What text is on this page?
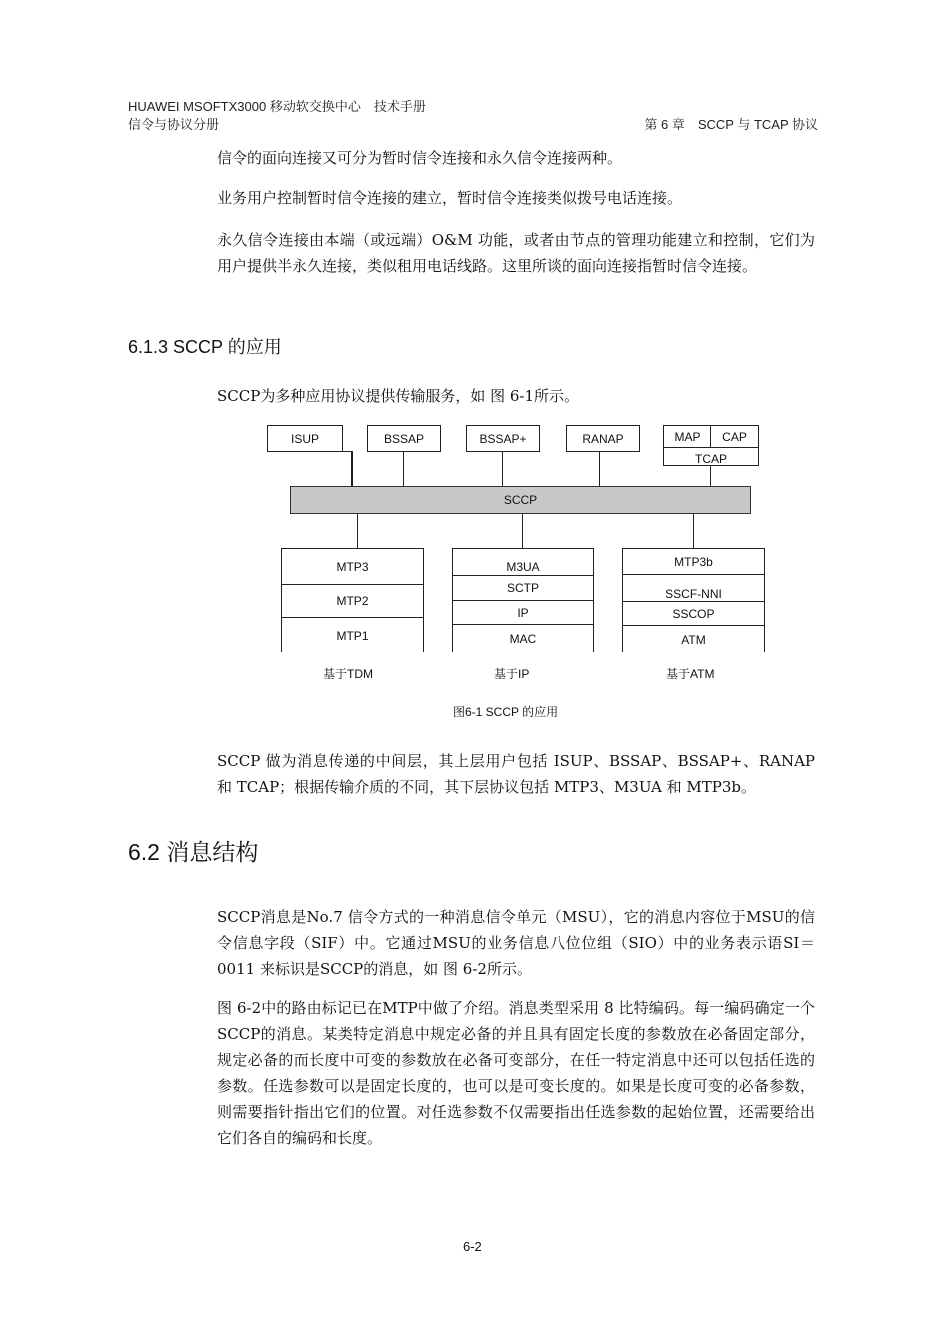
HUAWEI MSOFTX3000 移动软交换中心　技术手册
信令与协议分册	第 6 章　SCCP 与 TCAP 协议

信令的面向连接又可分为暂时信令连接和永久信令连接两种。

业务用户控制暂时信令连接的建立，暂时信令连接类似拨号电话连接。

永久信令连接由本端（或远端）O&M 功能，或者由节点的管理功能建立和控制，它们为用户提供半永久连接，类似租用电话线路。这里所谈的面向连接指暂时信令连接。

6.1.3 SCCP 的应用

SCCP为多种应用协议提供传输服务，如 图 6-1所示。

ISUP	BSSAP	BSSAP+	RANAP	MAP	CAP
TCAP
SCCP
MTP3
MTP2
MTP1
M3UA
SCTP
IP
MAC
MTP3b
SSCF-NNI
SSCOP
ATM
基于TDM	基于IP	基于ATM
图6-1 SCCP 的应用

SCCP 做为消息传递的中间层，其上层用户包括 ISUP、BSSAP、BSSAP+、RANAP 和 TCAP；根据传输介质的不同，其下层协议包括 MTP3、M3UA 和 MTP3b。

6.2 消息结构

SCCP消息是No.7 信令方式的一种消息信令单元（MSU），它的消息内容位于MSU的信令信息字段（SIF）中。它通过MSU的业务信息八位位组（SIO）中的业务表示语SI＝0011 来标识是SCCP的消息，如 图 6-2所示。

图 6-2中的路由标记已在MTP中做了介绍。消息类型采用 8 比特编码。每一编码确定一个SCCP的消息。某类特定消息中规定必备的并且具有固定长度的参数放在必备固定部分，规定必备的而长度中可变的参数放在必备可变部分，在任一特定消息中还可以包括任选的参数。任选参数可以是固定长度的，也可以是可变长度的。如果是长度可变的必备参数，则需要指针指出它们的位置。对任选参数不仅需要指出任选参数的起始位置，还需要给出它们各自的编码和长度。

6-2
